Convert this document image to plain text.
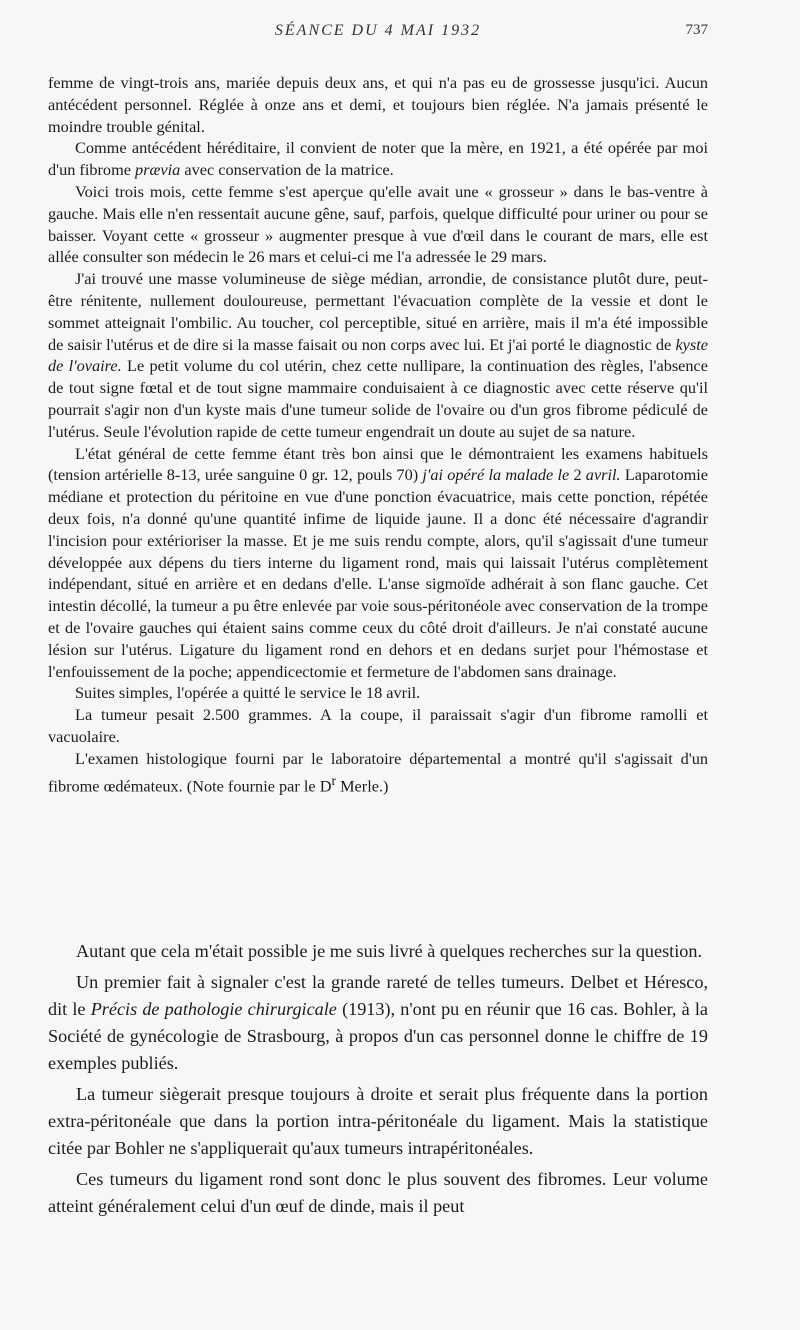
SÉANCE DU 4 MAI 1932	737

femme de vingt-trois ans, mariée depuis deux ans, et qui n'a pas eu de grossesse jusqu'ici. Aucun antécédent personnel. Réglée à onze ans et demi, et toujours bien réglée. N'a jamais présenté le moindre trouble génital.

Comme antécédent héréditaire, il convient de noter que la mère, en 1921, a été opérée par moi d'un fibrome prævia avec conservation de la matrice.

Voici trois mois, cette femme s'est aperçue qu'elle avait une « grosseur » dans le bas-ventre à gauche. Mais elle n'en ressentait aucune gêne, sauf, parfois, quelque difficulté pour uriner ou pour se baisser. Voyant cette « grosseur » augmenter presque à vue d'œil dans le courant de mars, elle est allée consulter son médecin le 26 mars et celui-ci me l'a adressée le 29 mars.

J'ai trouvé une masse volumineuse de siège médian, arrondie, de consistance plutôt dure, peut-être rénitente, nullement douloureuse, permettant l'évacuation complète de la vessie et dont le sommet atteignait l'ombilic. Au toucher, col perceptible, situé en arrière, mais il m'a été impossible de saisir l'utérus et de dire si la masse faisait ou non corps avec lui. Et j'ai porté le diagnostic de kyste de l'ovaire. Le petit volume du col utérin, chez cette nullipare, la continuation des règles, l'absence de tout signe fœtal et de tout signe mammaire conduisaient à ce diagnostic avec cette réserve qu'il pourrait s'agir non d'un kyste mais d'une tumeur solide de l'ovaire ou d'un gros fibrome pédiculé de l'utérus. Seule l'évolution rapide de cette tumeur engendrait un doute au sujet de sa nature.

L'état général de cette femme étant très bon ainsi que le démontraient les examens habituels (tension artérielle 8-13, urée sanguine 0 gr. 12, pouls 70) j'ai opéré la malade le 2 avril. Laparotomie médiane et protection du péritoine en vue d'une ponction évacuatrice, mais cette ponction, répétée deux fois, n'a donné qu'une quantité infime de liquide jaune. Il a donc été nécessaire d'agrandir l'incision pour extérioriser la masse. Et je me suis rendu compte, alors, qu'il s'agissait d'une tumeur développée aux dépens du tiers interne du ligament rond, mais qui laissait l'utérus complètement indépendant, situé en arrière et en dedans d'elle. L'anse sigmoïde adhérait à son flanc gauche. Cet intestin décollé, la tumeur a pu être enlevée par voie sous-péritonéole avec conservation de la trompe et de l'ovaire gauches qui étaient sains comme ceux du côté droit d'ailleurs. Je n'ai constaté aucune lésion sur l'utérus. Ligature du ligament rond en dehors et en dedans surjet pour l'hémostase et l'enfouissement de la poche; appendicectomie et fermeture de l'abdomen sans drainage.

Suites simples, l'opérée a quitté le service le 18 avril.

La tumeur pesait 2.500 grammes. A la coupe, il paraissait s'agir d'un fibrome ramolli et vacuolaire.

L'examen histologique fourni par le laboratoire départemental a montré qu'il s'agissait d'un fibrome œdémateux. (Note fournie par le $D^r$ Merle.)

Autant que cela m'était possible je me suis livré à quelques recherches sur la question.

Un premier fait à signaler c'est la grande rareté de telles tumeurs. Delbet et Héresco, dit le Précis de pathologie chirurgicale (1913), n'ont pu en réunir que 16 cas. Bohler, à la Société de gynécologie de Strasbourg, à propos d'un cas personnel donne le chiffre de 19 exemples publiés.

La tumeur siègerait presque toujours à droite et serait plus fréquente dans la portion extra-péritonéale que dans la portion intra-péritonéale du ligament. Mais la statistique citée par Bohler ne s'appliquerait qu'aux tumeurs intrapéritonéales.

Ces tumeurs du ligament rond sont donc le plus souvent des fibromes. Leur volume atteint généralement celui d'un œuf de dinde, mais il peut
